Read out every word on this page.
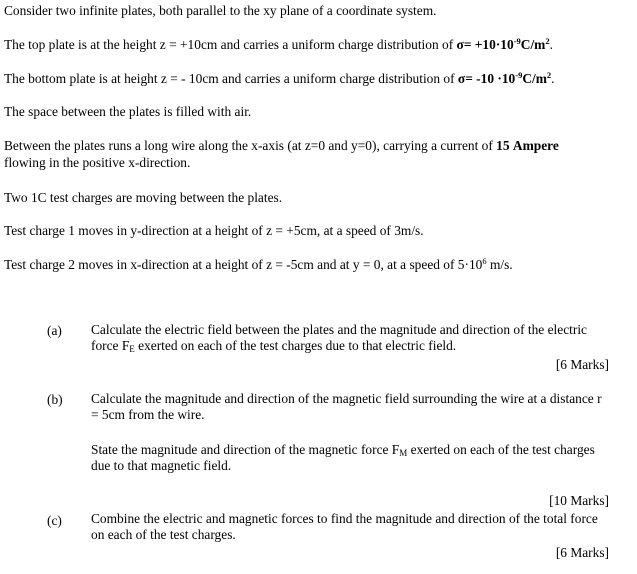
Consider two infinite plates, both parallel to the xy plane of a coordinate system.

The top plate is at the height z = +10cm and carries a uniform charge distribution of $\sigma= +10\cdot 10^{-9}C/m^2$.

The bottom plate is at height z = - 10cm and carries a uniform charge distribution of $\sigma= -10 \cdot 10^{-9}C/m^2$.

The space between the plates is filled with air.

Between the plates runs a long wire along the x-axis (at z=0 and y=0), carrying a current of 15 Ampere flowing in the positive x-direction.

Two 1C test charges are moving between the plates.

Test charge 1 moves in y-direction at a height of z = +5cm, at a speed of 3m/s.

Test charge 2 moves in x-direction at a height of z = -5cm and at y = 0, at a speed of $5\cdot 10^6$ m/s.

(a) Calculate the electric field between the plates and the magnitude and direction of the electric force $F_E$ exerted on each of the test charges due to that electric field.
[6 Marks]
(b) Calculate the magnitude and direction of the magnetic field surrounding the wire at a distance r = 5cm from the wire.
State the magnitude and direction of the magnetic force $F_M$ exerted on each of the test charges due to that magnetic field.
[10 Marks]
(c) Combine the electric and magnetic forces to find the magnitude and direction of the total force on each of the test charges.
[6 Marks]
